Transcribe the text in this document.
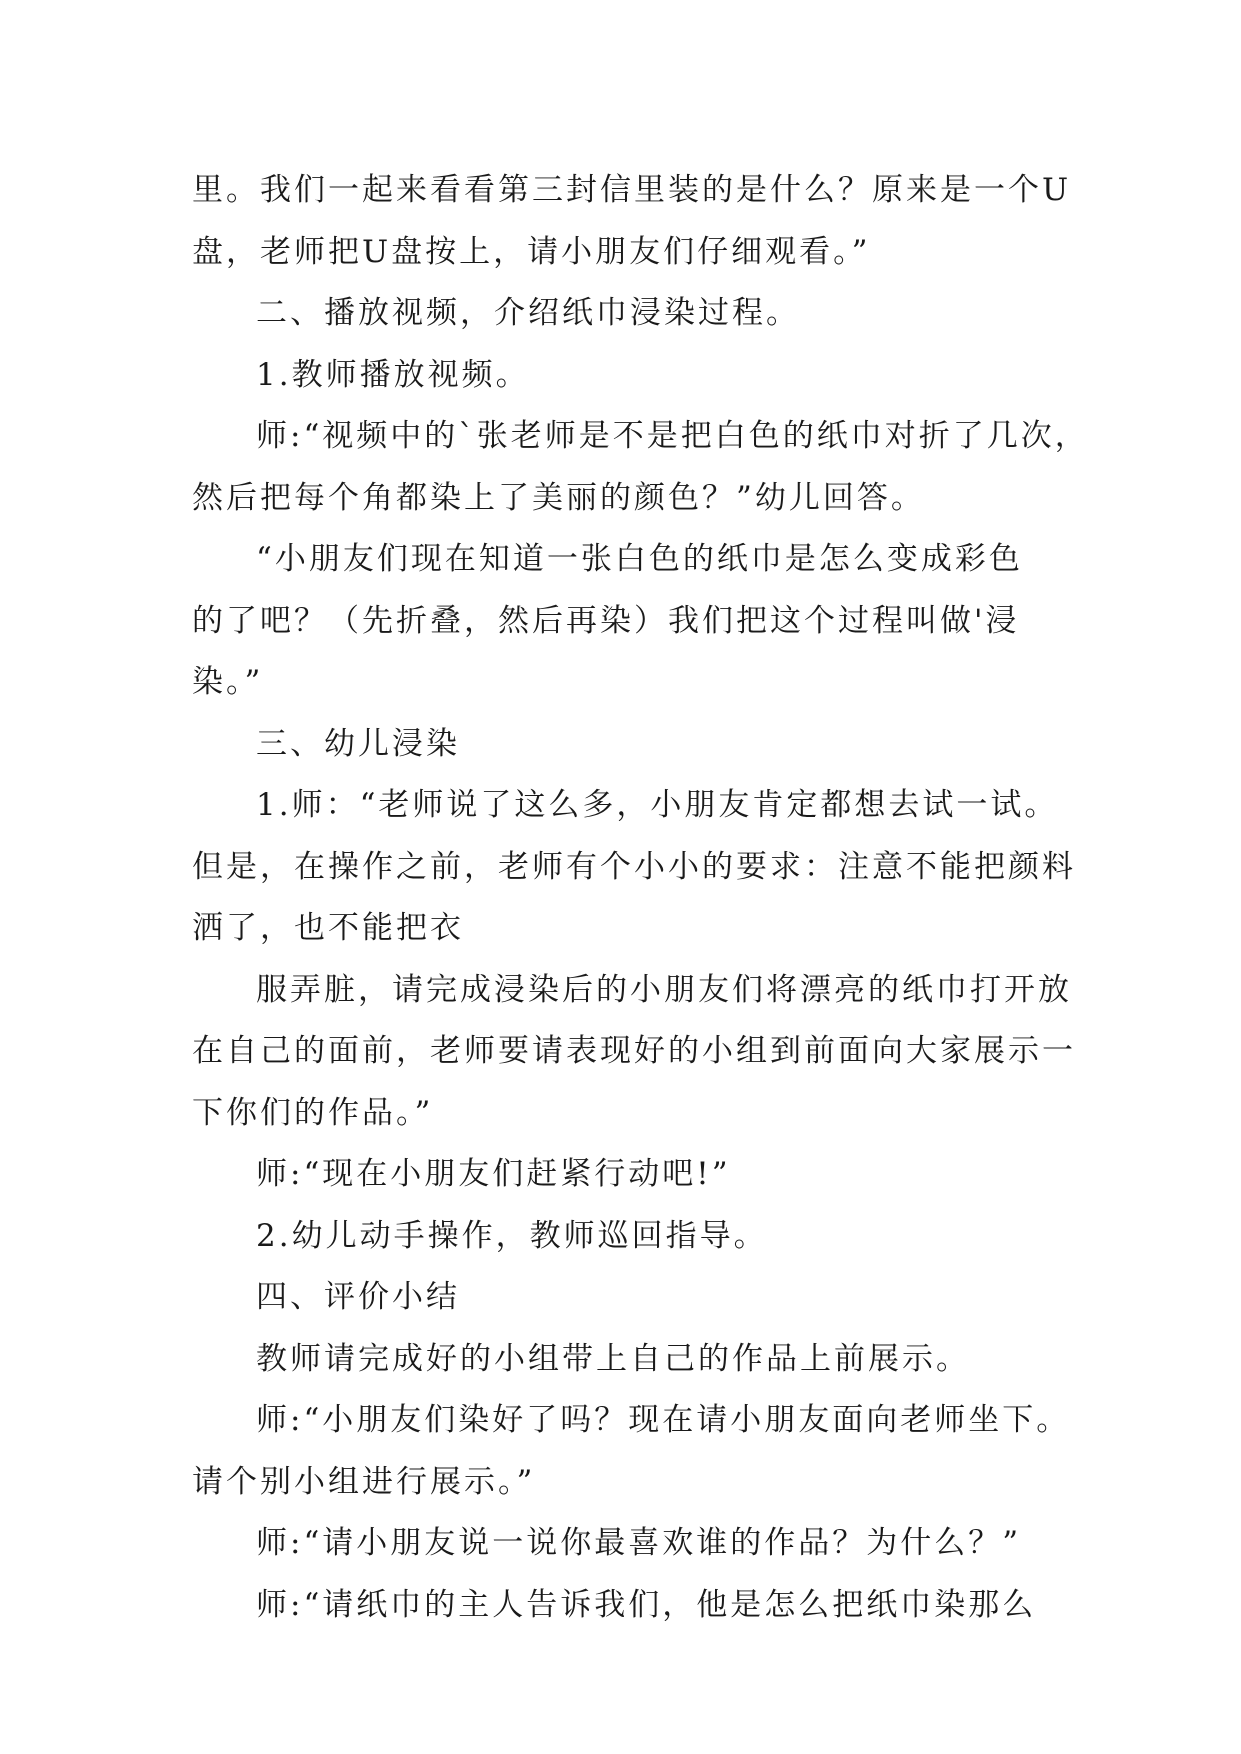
里。我们一起来看看第三封信里装的是什么？原来是一个U
盘，老师把U盘按上，请小朋友们仔细观看。”
二、播放视频，介绍纸巾浸染过程。
1.教师播放视频。
师:“视频中的`张老师是不是把白色的纸巾对折了几次，
然后把每个角都染上了美丽的颜色？”幼儿回答。
“小朋友们现在知道一张白色的纸巾是怎么变成彩色
的了吧？（先折叠，然后再染）我们把这个过程叫做'浸
染。”
三、幼儿浸染
1.师：“老师说了这么多，小朋友肯定都想去试一试。
但是，在操作之前，老师有个小小的要求：注意不能把颜料
洒了，也不能把衣
服弄脏，请完成浸染后的小朋友们将漂亮的纸巾打开放
在自己的面前，老师要请表现好的小组到前面向大家展示一
下你们的作品。”
师:“现在小朋友们赶紧行动吧!”
2.幼儿动手操作，教师巡回指导。
四、评价小结
教师请完成好的小组带上自己的作品上前展示。
师:“小朋友们染好了吗？现在请小朋友面向老师坐下。
请个别小组进行展示。”
师:“请小朋友说一说你最喜欢谁的作品？为什么？”
师:“请纸巾的主人告诉我们，他是怎么把纸巾染那么
